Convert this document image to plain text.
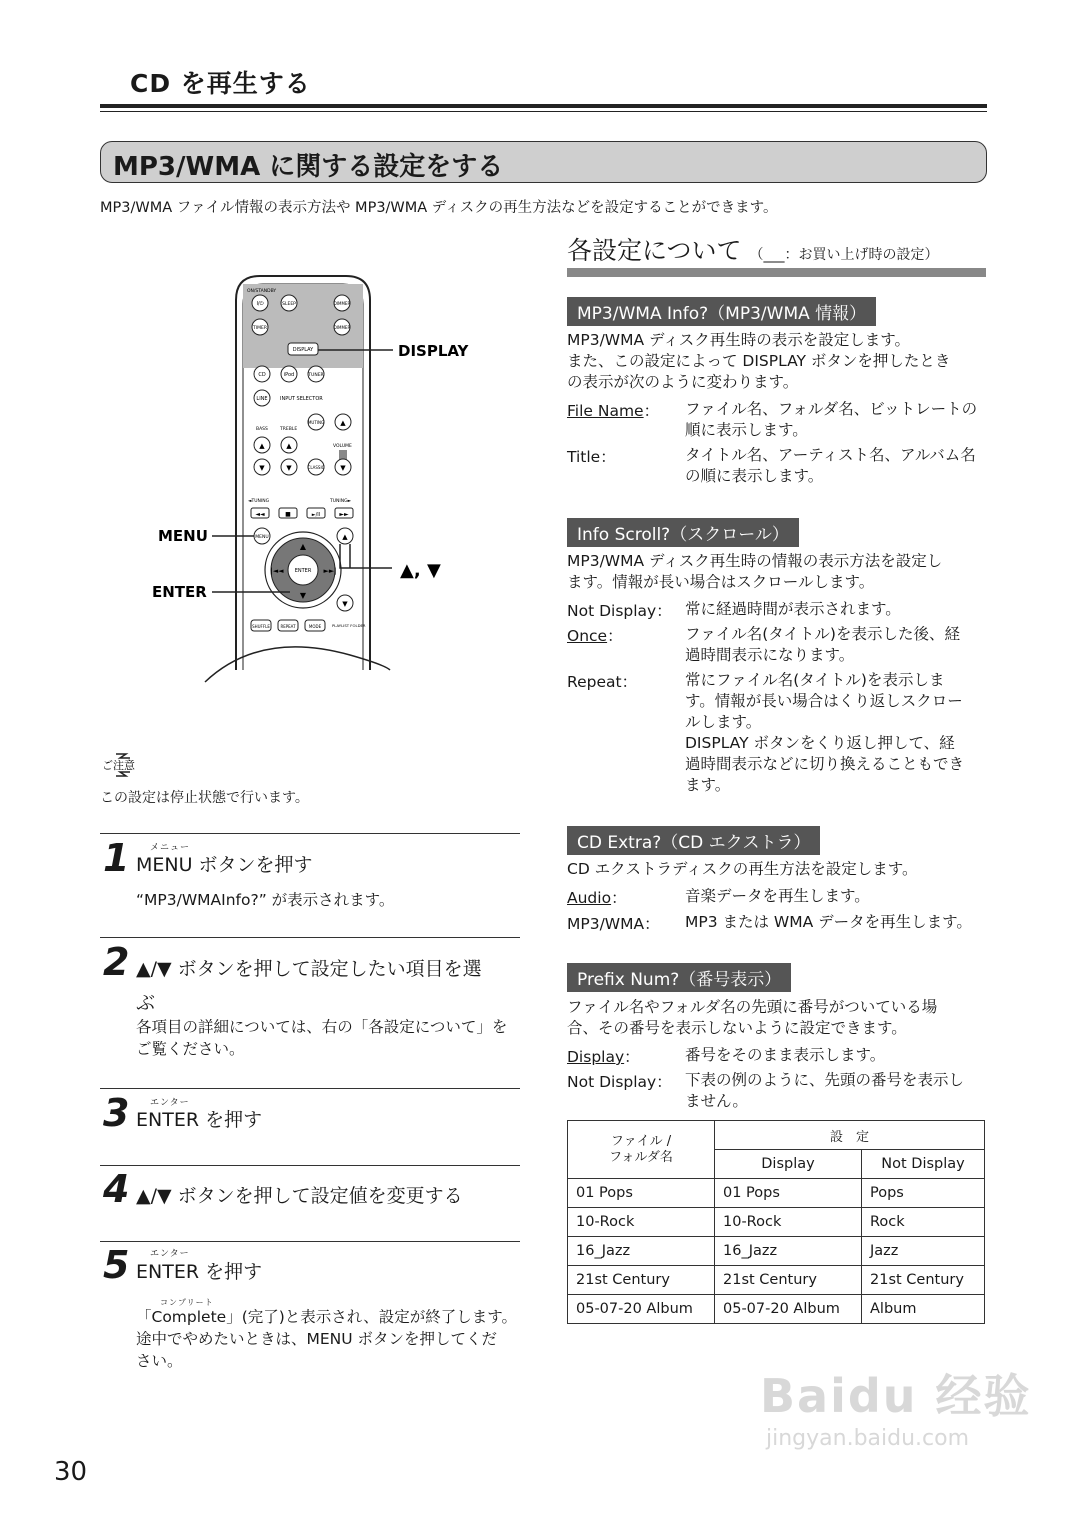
CD を再生する
MP3/WMA に関する設定をする
MP3/WMA ファイル情報の表示方法や MP3/WMA ディスクの再生方法などを設定することができます。
ON/STANDBY
I/⏻	SLEEP	DIMMER
TIMER	DIMMER
DISPLAY	DISPLAY
CD	iPod	TUNER
LINE INPUT SELECTOR
BASS	TREBLE
MUTING ▲
VOLUME
▲	▲
▼	▼	CLASSIC ▼
◄TUNING	TUNING►
◄◄	■	►/II	►►
MENU
MENU
ENTER
▲
▼
|◄◄	►►|
ENTER
▲
▼
▲, ▼
SHUFFLE	REPEAT	MODE	PLAYLIST FOLDER
ご注意
この設定は停止状態で行います。
1 メニュー
MENU ボタンを押す
“MP3/WMAInfo?” が表示されます。
2 ▲/▼ ボタンを押して設定したい項目を選
ぶ
各項目の詳細については、右の「各設定について」を
ご覧ください。
3 エンター
ENTER を押す
4 ▲/▼ ボタンを押して設定値を変更する
5 エンター
ENTER を押す
コンプリート
「Complete」(完了)と表示され、設定が終了します。
途中でやめたいときは、MENU ボタンを押してくだ
さい。
各設定について （___：お買い上げ時の設定）
MP3/WMA Info?（MP3/WMA 情報）
MP3/WMA ディスク再生時の表示を設定します。
また、この設定によって DISPLAY ボタンを押したとき
の表示が次のように変わります。
File Name： ファイル名、フォルダ名、ビットレートの
順に表示します。
Title：	タイトル名、アーティスト名、アルバム名
の順に表示します。
Info Scroll?（スクロール）
MP3/WMA ディスク再生時の情報の表示方法を設定し
ます。情報が長い場合はスクロールします。
Not Display： 常に経過時間が表示されます。
Once：	ファイル名(タイトル)を表示した後、経
過時間表示になります。
Repeat：	常にファイル名(タイトル)を表示しま
す。情報が長い場合はくり返しスクロー
ルします。
DISPLAY ボタンをくり返し押して、経
過時間表示などに切り換えることもでき
ます。
CD Extra?（CD エクストラ）
CD エクストラディスクの再生方法を設定します。
Audio：	音楽データを再生します。
MP3/WMA： MP3 または WMA データを再生します。
Prefix Num?（番号表示）
ファイル名やフォルダ名の先頭に番号がついている場
合、その番号を表示しないように設定できます。
Display：	番号をそのまま表示します。
Not Display： 下表の例のように、先頭の番号を表示し
ません。
ファイル /
フォルダ名	設　定	
	Display	Not Display
01 Pops	01 Pops	Pops
10-Rock	10-Rock	Rock
16_Jazz	16_Jazz	Jazz
21st Century	21st Century	21st Century
05-07-20 Album	05-07-20 Album	Album
Baidu 经验
jingyan.baidu.com
30
